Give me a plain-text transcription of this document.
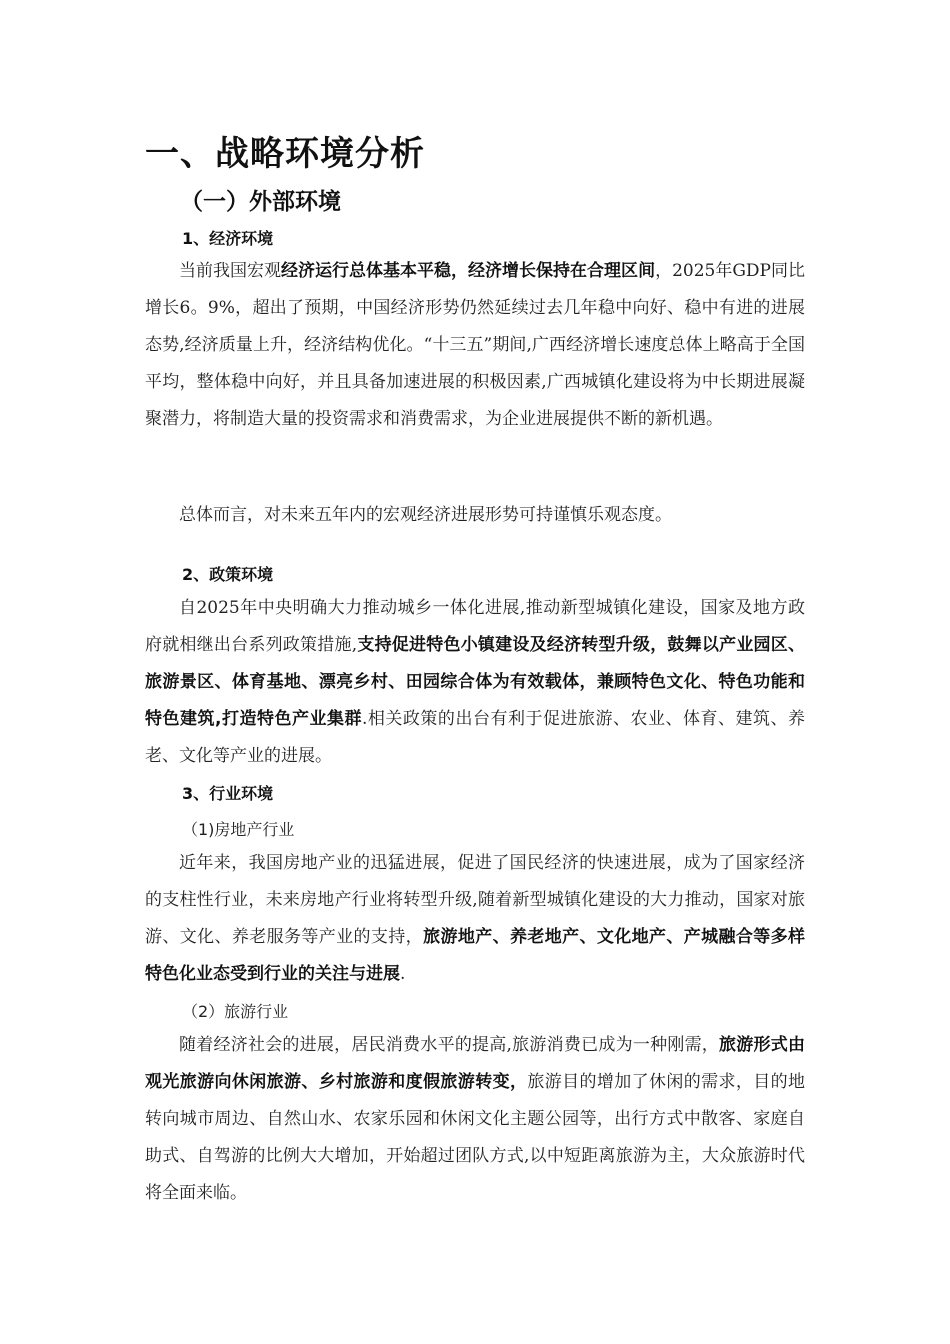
一、战略环境分析
（一）外部环境
1、经济环境

当前我国宏观经济运行总体基本平稳，经济增长保持在合理区间，2025年GDP同比增长6。9%，超出了预期，中国经济形势仍然延续过去几年稳中向好、稳中有进的进展态势,经济质量上升，经济结构优化。“十三五”期间,广西经济增长速度总体上略高于全国平均，整体稳中向好，并且具备加速进展的积极因素,广西城镇化建设将为中长期进展凝聚潜力，将制造大量的投资需求和消费需求，为企业进展提供不断的新机遇。

总体而言，对未来五年内的宏观经济进展形势可持谨慎乐观态度。

2、政策环境

自2025年中央明确大力推动城乡一体化进展,推动新型城镇化建设，国家及地方政府就相继出台系列政策措施,支持促进特色小镇建设及经济转型升级，鼓舞以产业园区、旅游景区、体育基地、漂亮乡村、田园综合体为有效载体，兼顾特色文化、特色功能和特色建筑,打造特色产业集群.相关政策的出台有利于促进旅游、农业、体育、建筑、养老、文化等产业的进展。

3、行业环境
（1)房地产行业

近年来，我国房地产业的迅猛进展，促进了国民经济的快速进展，成为了国家经济的支柱性行业，未来房地产行业将转型升级,随着新型城镇化建设的大力推动，国家对旅游、文化、养老服务等产业的支持，旅游地产、养老地产、文化地产、产城融合等多样特色化业态受到行业的关注与进展.

（2）旅游行业

随着经济社会的进展，居民消费水平的提高,旅游消费已成为一种刚需，旅游形式由观光旅游向休闲旅游、乡村旅游和度假旅游转变，旅游目的增加了休闲的需求，目的地转向城市周边、自然山水、农家乐园和休闲文化主题公园等，出行方式中散客、家庭自助式、自驾游的比例大大增加，开始超过团队方式,以中短距离旅游为主，大众旅游时代将全面来临。
